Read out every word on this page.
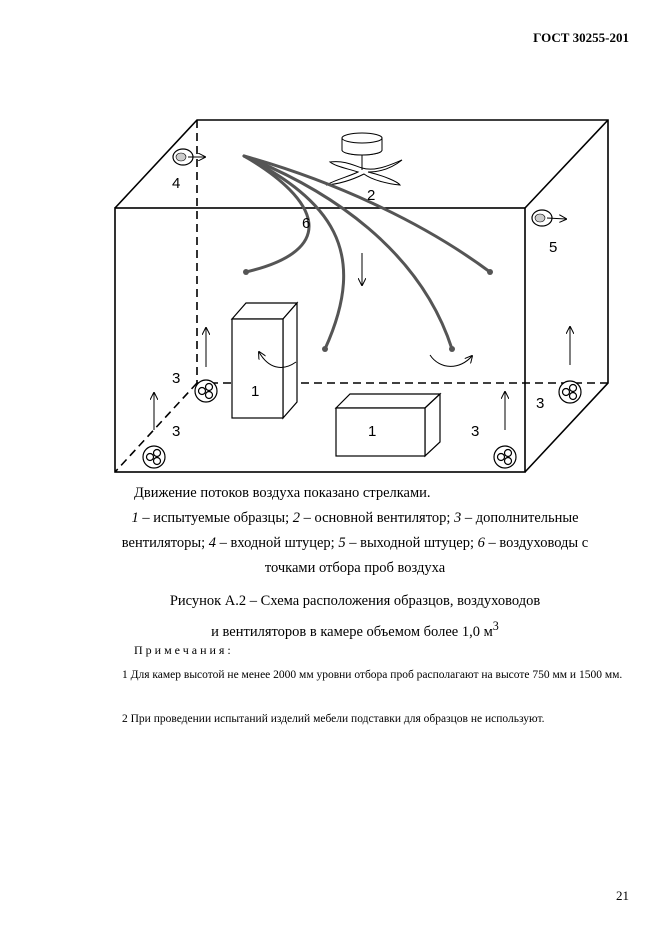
ГОСТ 30255-201
2
4
5
6
1
1
3
3	3
3
Движение потоков воздуха показано стрелками.
1 – испытуемые образцы; 2 – основной вентилятор; 3 – дополнительные вентиляторы; 4 – входной штуцер; 5 – выходной штуцер; 6 – воздуховоды с точками отбора проб воздуха
Рисунок А.2 – Схема расположения образцов, воздуховодов
и вентиляторов в камере объемом более 1,0 $м^3$
Примечания:
1 Для камер высотой не менее 2000 мм уровни отбора проб располагают на высоте 750 мм и 1500 мм.
2 При проведении испытаний изделий мебели подставки для образцов не используют.
21
